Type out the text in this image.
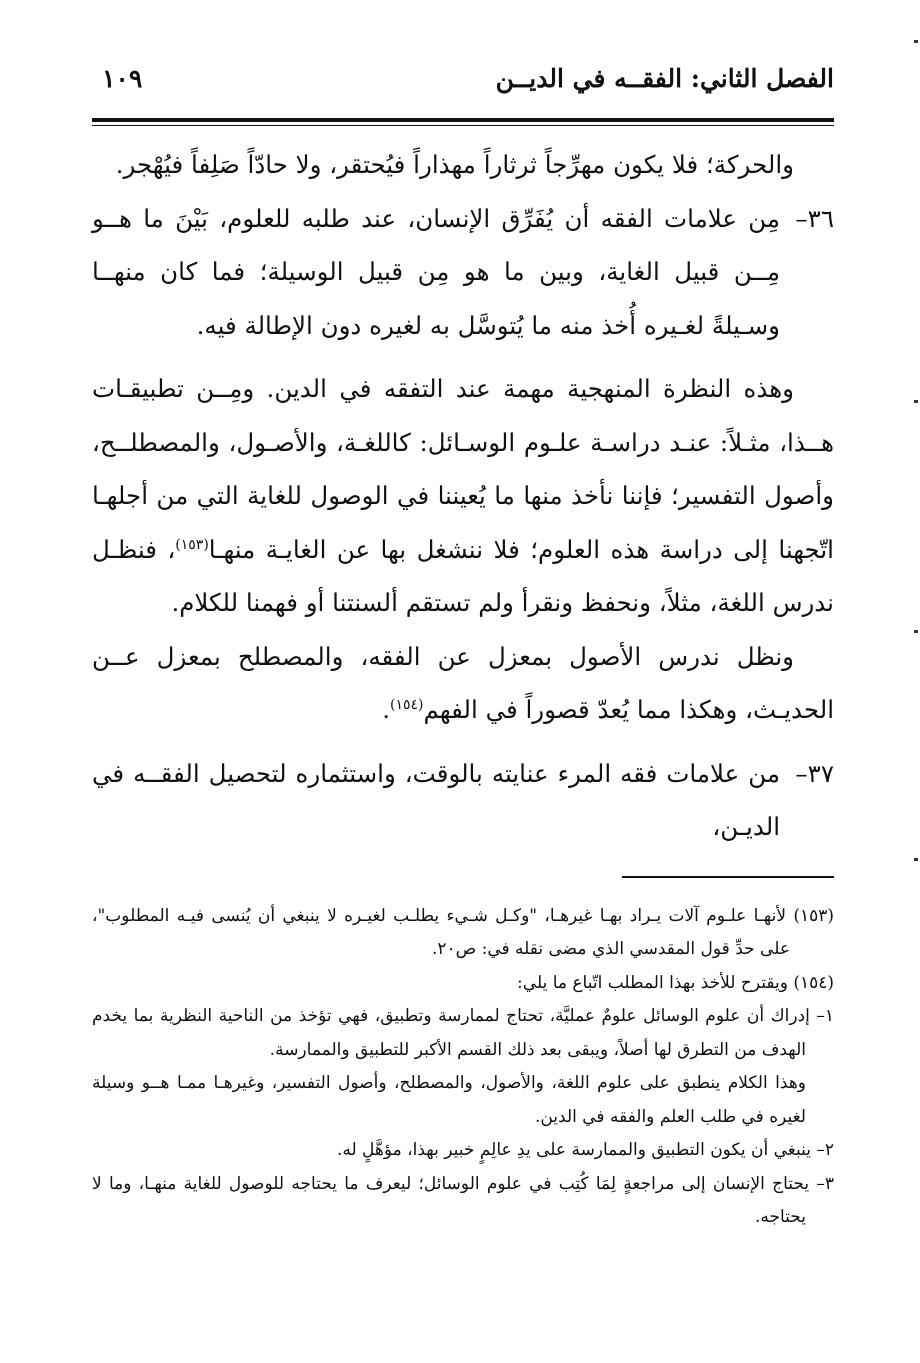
الفصل الثاني: الفقــه في الديــن
١٠٩

والحركة؛ فلا يكون مهرِّجاً ثرثاراً مهذاراً فيُحتقر، ولا حادّاً صَلِفاً فيُهْجر.

٣٦–
مِن علامات الفقه أن يُفَرِّق الإنسان، عند طلبه للعلوم، بَيْنَ ما هــو مِــن قبيل الغاية، وبين ما هو مِن قبيل الوسيلة؛ فما كان منهــا وسـيلةً لغـيره أُخذ منه ما يُتوسَّل به لغيره دون الإطالة فيه.

وهذه النظرة المنهجية مهمة عند التفقه في الدين. ومِــن تطبيقـات هــذا، مثـلاً: عنـد دراسـة علـوم الوسـائل: كاللغـة، والأصـول، والمصطلــح، وأصول التفسير؛ فإننا نأخذ منها ما يُعيننا في الوصول للغاية التي من أجلهـا اتّجهنا إلى دراسة هذه العلوم؛ فلا ننشغل بها عن الغايـة منهـا$^{(١٥٣)}$، فنظـل ندرس اللغة، مثلاً، ونحفظ ونقرأ ولم تستقم ألسنتنا أو فهمنا للكلام.

ونظل ندرس الأصول بمعزل عن الفقه، والمصطلح بمعزل عــن الحديـث، وهكذا مما يُعدّ قصوراً في الفهم$^{(١٥٤)}$.

٣٧–
من علامات فقه المرء عنايته بالوقت، واستثماره لتحصيل الفقــه في الديـن،

(١٥٣) لأنهـا علـوم آلات يـراد بهـا غيرهـا، "وكـل شـيء يطلـب لغيـره لا ينبغي أن يُنسى فيـه المطلوب"، على حدِّ قول المقدسي الذي مضى نقله في: ص٢٠.

(١٥٤) ويقترح للأخذ بهذا المطلب اتّباع ما يلي:

١– إدراك أن علوم الوسائل علومٌ عمليَّة، تحتاج لممارسة وتطبيق، فهي تؤخذ من الناحية النظرية بما يخدم الهدف من التطرق لها أصلاً، ويبقى بعد ذلك القسم الأكبر للتطبيق والممارسة.

وهذا الكلام ينطبق على علوم اللغة، والأصول، والمصطلح، وأصول التفسير، وغيرهـا ممـا هــو وسيلة لغيره في طلب العلم والفقه في الدين.

٢– ينبغي أن يكون التطبيق والممارسة على يدِ عالِمٍ خبير بهذا، مؤهَّلٍ له.

٣– يحتاج الإنسان إلى مراجعةٍ لِمَا كُتِب في علوم الوسائل؛ ليعرف ما يحتاجه للوصول للغاية منهـا، وما لا يحتاجه.
